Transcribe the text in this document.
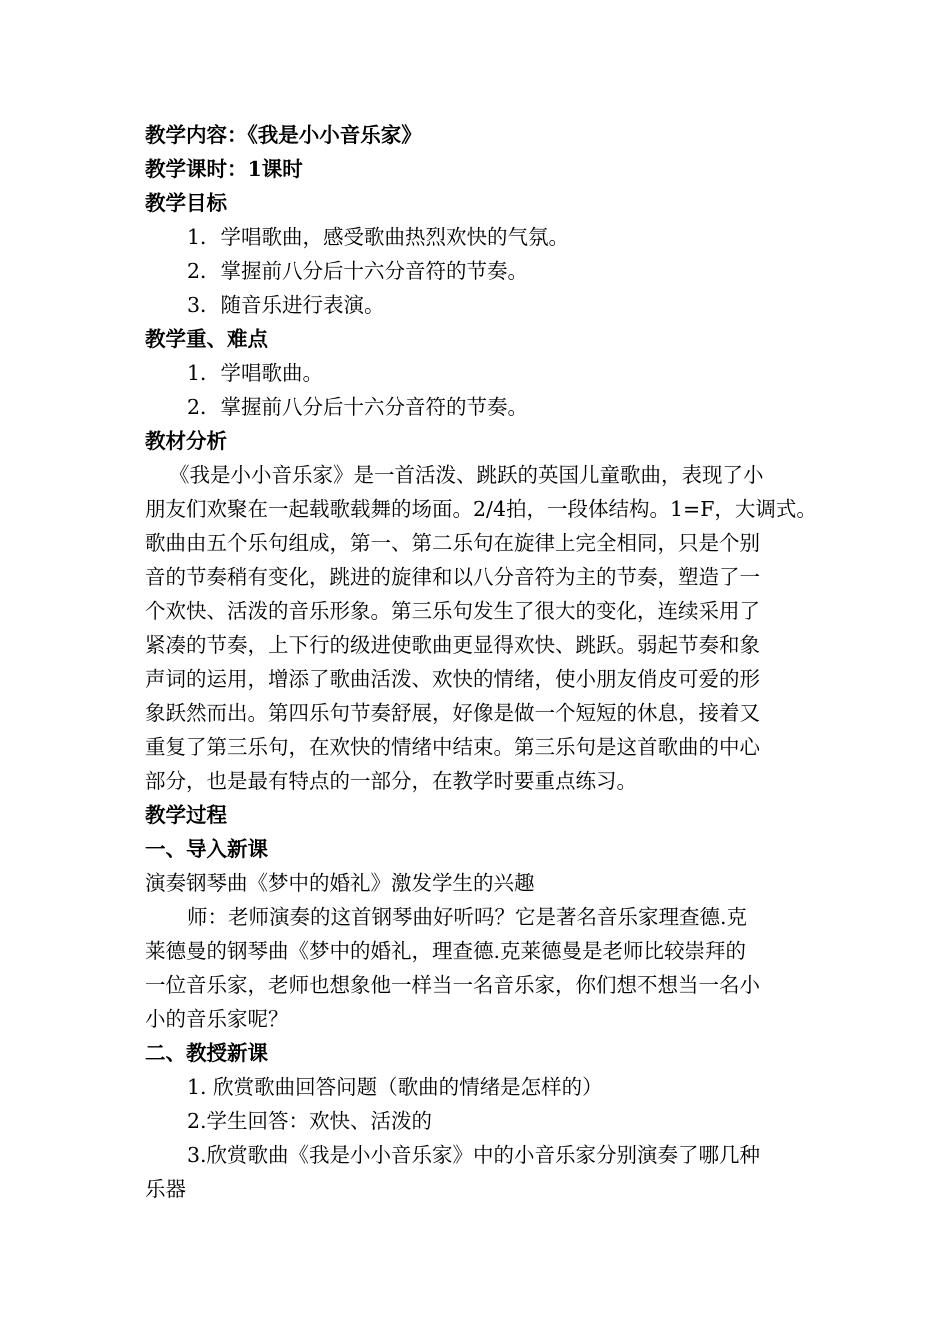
教学内容：《我是小小音乐家》
教学课时：1课时
教学目标
1．学唱歌曲，感受歌曲热烈欢快的气氛。
2．掌握前八分后十六分音符的节奏。
3．随音乐进行表演。
教学重、难点
1．学唱歌曲。
2．掌握前八分后十六分音符的节奏。
教材分析
《我是小小音乐家》是一首活泼、跳跃的英国儿童歌曲，表现了小
朋友们欢聚在一起载歌载舞的场面。2/4拍，一段体结构。1=F，大调式。
歌曲由五个乐句组成，第一、第二乐句在旋律上完全相同，只是个别
音的节奏稍有变化，跳进的旋律和以八分音符为主的节奏，塑造了一
个欢快、活泼的音乐形象。第三乐句发生了很大的变化，连续采用了
紧凑的节奏，上下行的级进使歌曲更显得欢快、跳跃。弱起节奏和象
声词的运用，增添了歌曲活泼、欢快的情绪，使小朋友俏皮可爱的形
象跃然而出。第四乐句节奏舒展，好像是做一个短短的休息，接着又
重复了第三乐句，在欢快的情绪中结束。第三乐句是这首歌曲的中心
部分，也是最有特点的一部分，在教学时要重点练习。
教学过程
一、导入新课
演奏钢琴曲《梦中的婚礼》激发学生的兴趣
师：老师演奏的这首钢琴曲好听吗？它是著名音乐家理查德.克
莱德曼的钢琴曲《梦中的婚礼，理查德.克莱德曼是老师比较崇拜的
一位音乐家，老师也想象他一样当一名音乐家，你们想不想当一名小
小的音乐家呢？
二、教授新课
1. 欣赏歌曲回答问题（歌曲的情绪是怎样的）
2.学生回答：欢快、活泼的
3.欣赏歌曲《我是小小音乐家》中的小音乐家分别演奏了哪几种
乐器
